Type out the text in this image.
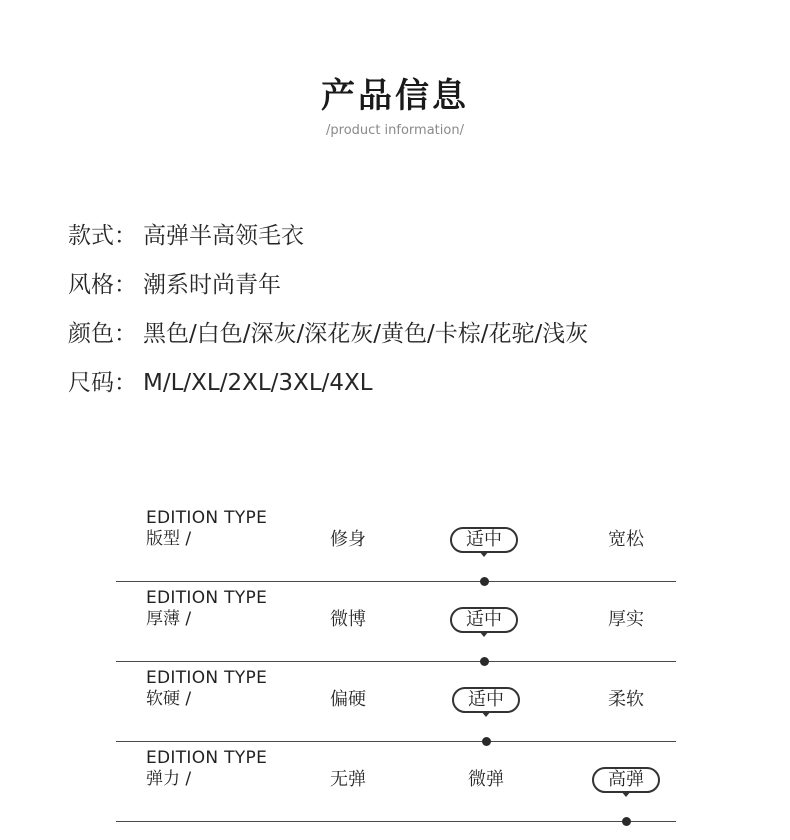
产品信息
/product information/
款式： 高弹半高领毛衣
风格： 潮系时尚青年
颜色： 黑色/白色/深灰/深花灰/黄色/卡棕/花驼/浅灰
尺码： M/L/XL/2XL/3XL/4XL
EDITION TYPE
版型 /	修身	适中	宽松
EDITION TYPE
厚薄 /	微博	适中	厚实
EDITION TYPE
软硬 /	偏硬	适中	柔软
EDITION TYPE
弹力 /	无弹	微弹	高弹
